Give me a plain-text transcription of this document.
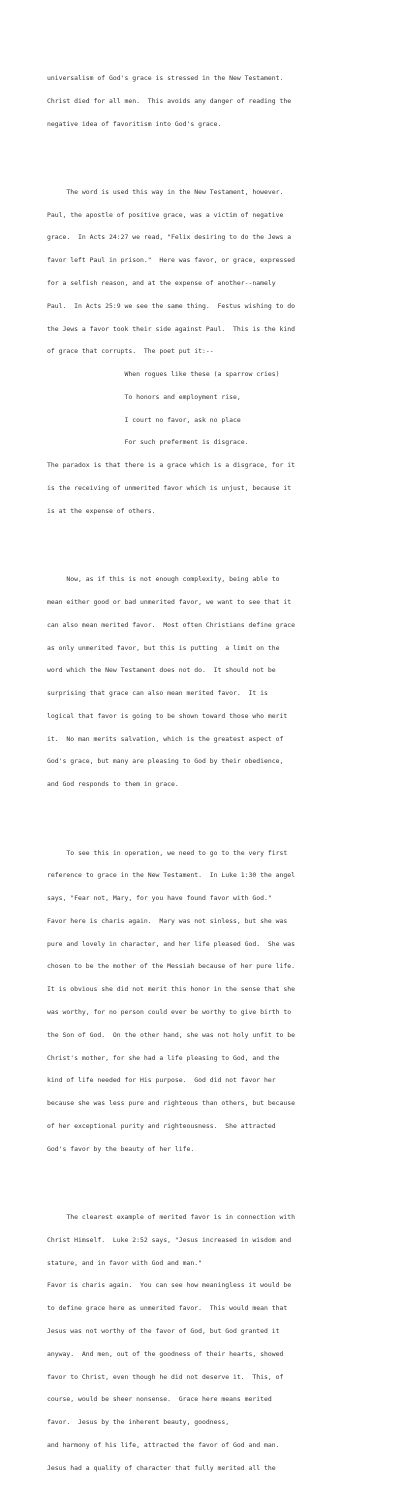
universalism of God's grace is stressed in the New Testament.

Christ died for all men.  This avoids any danger of reading the

negative idea of favoritism into God's grace.

The word is used this way in the New Testament, however.

Paul, the apostle of positive grace, was a victim of negative

grace.  In Acts 24:27 we read, "Felix desiring to do the Jews a

favor left Paul in prison."  Here was favor, or grace, expressed

for a selfish reason, and at the expense of another--namely

Paul.  In Acts 25:9 we see the same thing.  Festus wishing to do

the Jews a favor took their side against Paul.  This is the kind

of grace that corrupts.  The poet put it:--

When rogues like these (a sparrow cries)

To honors and employment rise,

I court no favor, ask no place

For such preferment is disgrace.

The paradox is that there is a grace which is a disgrace, for it

is the receiving of unmerited favor which is unjust, because it

is at the expense of others.

Now, as if this is not enough complexity, being able to

mean either good or bad unmerited favor, we want to see that it

can also mean merited favor.  Most often Christians define grace

as only unmerited favor, but this is putting  a limit on the

word which the New Testament does not do.  It should not be

surprising that grace can also mean merited favor.  It is

logical that favor is going to be shown toward those who merit

it.  No man merits salvation, which is the greatest aspect of

God's grace, but many are pleasing to God by their obedience,

and God responds to them in grace.

To see this in operation, we need to go to the very first

reference to grace in the New Testament.  In Luke 1:30 the angel

says, "Fear not, Mary, for you have found favor with God."

Favor here is charis again.  Mary was not sinless, but she was

pure and lovely in character, and her life pleased God.  She was

chosen to be the mother of the Messiah because of her pure life.

It is obvious she did not merit this honor in the sense that she

was worthy, for no person could ever be worthy to give birth to

the Son of God.  On the other hand, she was not holy unfit to be

Christ's mother, for she had a life pleasing to God, and the

kind of life needed for His purpose.  God did not favor her

because she was less pure and righteous than others, but because

of her exceptional purity and righteousness.  She attracted

God's favor by the beauty of her life.

The clearest example of merited favor is in connection with

Christ Himself.  Luke 2:52 says, "Jesus increased in wisdom and

stature, and in favor with God and man."

Favor is charis again.  You can see how meaningless it would be

to define grace here as unmerited favor.  This would mean that

Jesus was not worthy of the favor of God, but God granted it

anyway.  And men, out of the goodness of their hearts, showed

favor to Christ, even though he did not deserve it.  This, of

course, would be sheer nonsense.  Grace here means merited

favor.  Jesus by the inherent beauty, goodness,

and harmony of his life, attracted the favor of God and man.

Jesus had a quality of character that fully merited all the
